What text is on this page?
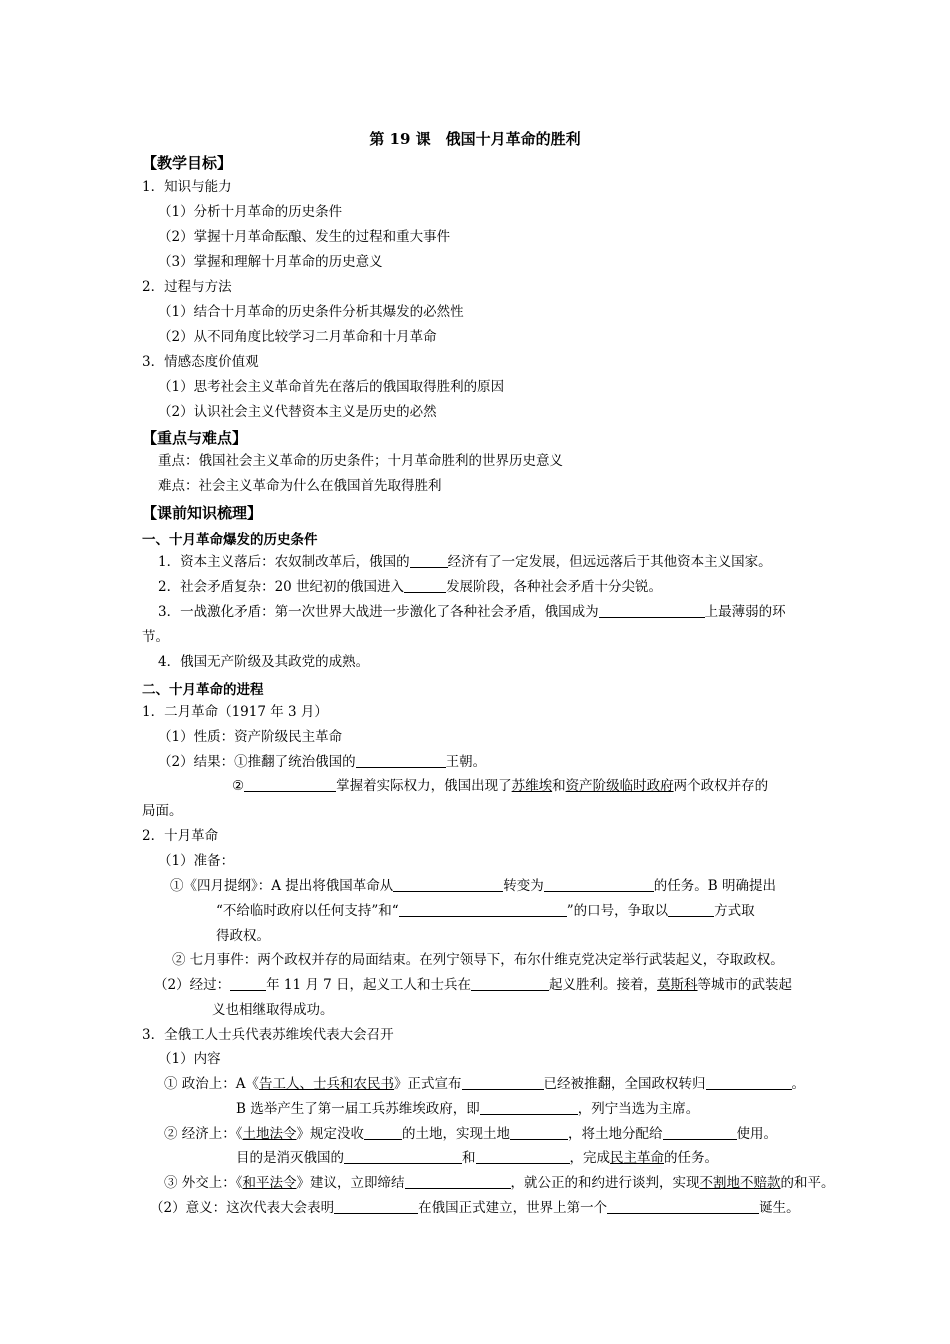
第 19 课　俄国十月革命的胜利
【教学目标】
1．知识与能力
（1）分析十月革命的历史条件
（2）掌握十月革命酝酿、发生的过程和重大事件
（3）掌握和理解十月革命的历史意义
2．过程与方法
（1）结合十月革命的历史条件分析其爆发的必然性
（2）从不同角度比较学习二月革命和十月革命
3．情感态度价值观
（1）思考社会主义革命首先在落后的俄国取得胜利的原因
（2）认识社会主义代替资本主义是历史的必然
【重点与难点】
重点：俄国社会主义革命的历史条件；十月革命胜利的世界历史意义
难点：社会主义革命为什么在俄国首先取得胜利
【课前知识梳理】
一、十月革命爆发的历史条件
1．资本主义落后：农奴制改革后，俄国的	经济有了一定发展，但远远落后于其他资本主义国家。
2．社会矛盾复杂：20 世纪初的俄国进入	发展阶段，各种社会矛盾十分尖锐。
3．一战激化矛盾：第一次世界大战进一步激化了各种社会矛盾，俄国成为	上最薄弱的环
节。
4．俄国无产阶级及其政党的成熟。
二、十月革命的进程
1．二月革命（1917 年 3 月）
（1）性质：资产阶级民主革命
（2）结果：①推翻了统治俄国的	王朝。
②	掌握着实际权力，俄国出现了苏维埃和资产阶级临时政府两个政权并存的
局面。
2．十月革命
（1）准备：
①《四月提纲》：A 提出将俄国革命从	转变为	的任务。B 明确提出
“不给临时政府以任何支持”和“	”的口号，争取以	方式取
得政权。
② 七月事件：两个政权并存的局面结束。在列宁领导下，布尔什维克党决定举行武装起义，夺取政权。
（2）经过：	年 11 月 7 日，起义工人和士兵在	起义胜利。接着，莫斯科等城市的武装起
义也相继取得成功。
3．全俄工人士兵代表苏维埃代表大会召开
（1）内容
① 政治上：A《告工人、士兵和农民书》正式宣布	已经被推翻，全国政权转归	。
B 选举产生了第一届工兵苏维埃政府，即	，列宁当选为主席。
② 经济上：《土地法令》规定没收	的土地，实现土地	，将土地分配给	使用。
目的是消灭俄国的	和	，完成民主革命的任务。
③ 外交上：《和平法令》建议，立即缔结	，就公正的和约进行谈判，实现不割地不赔款的和平。
（2）意义：这次代表大会表明	在俄国正式建立，世界上第一个	诞生。
